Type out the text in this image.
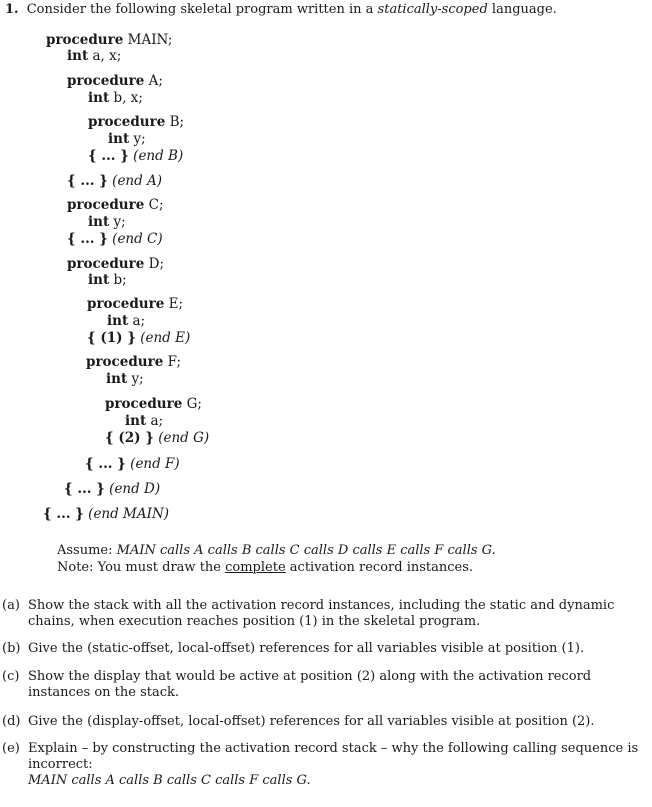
1. Consider the following skeletal program written in a statically-scoped language.
procedure MAIN;
int a, x;
procedure A;
int b, x;
procedure B;
int y;
{ ... } (end B)
{ ... } (end A)
procedure C;
int y;
{ ... } (end C)
procedure D;
int b;
procedure E;
int a;
{ (1) } (end E)
procedure F;
int y;
procedure G;
int a;
{ (2) } (end G)
{ ... } (end F)
{ ... } (end D)
{ ... } (end MAIN)
Assume: MAIN calls A calls B calls C calls D calls E calls F calls G.
Note: You must draw the complete activation record instances.
(a) Show the stack with all the activation record instances, including the static and dynamic chains, when execution reaches position (1) in the skeletal program.
(b) Give the (static-offset, local-offset) references for all variables visible at position (1).
(c) Show the display that would be active at position (2) along with the activation record instances on the stack.
(d) Give the (display-offset, local-offset) references for all variables visible at position (2).
(e) Explain – by constructing the activation record stack – why the following calling sequence is incorrect:
MAIN calls A calls B calls C calls F calls G.
